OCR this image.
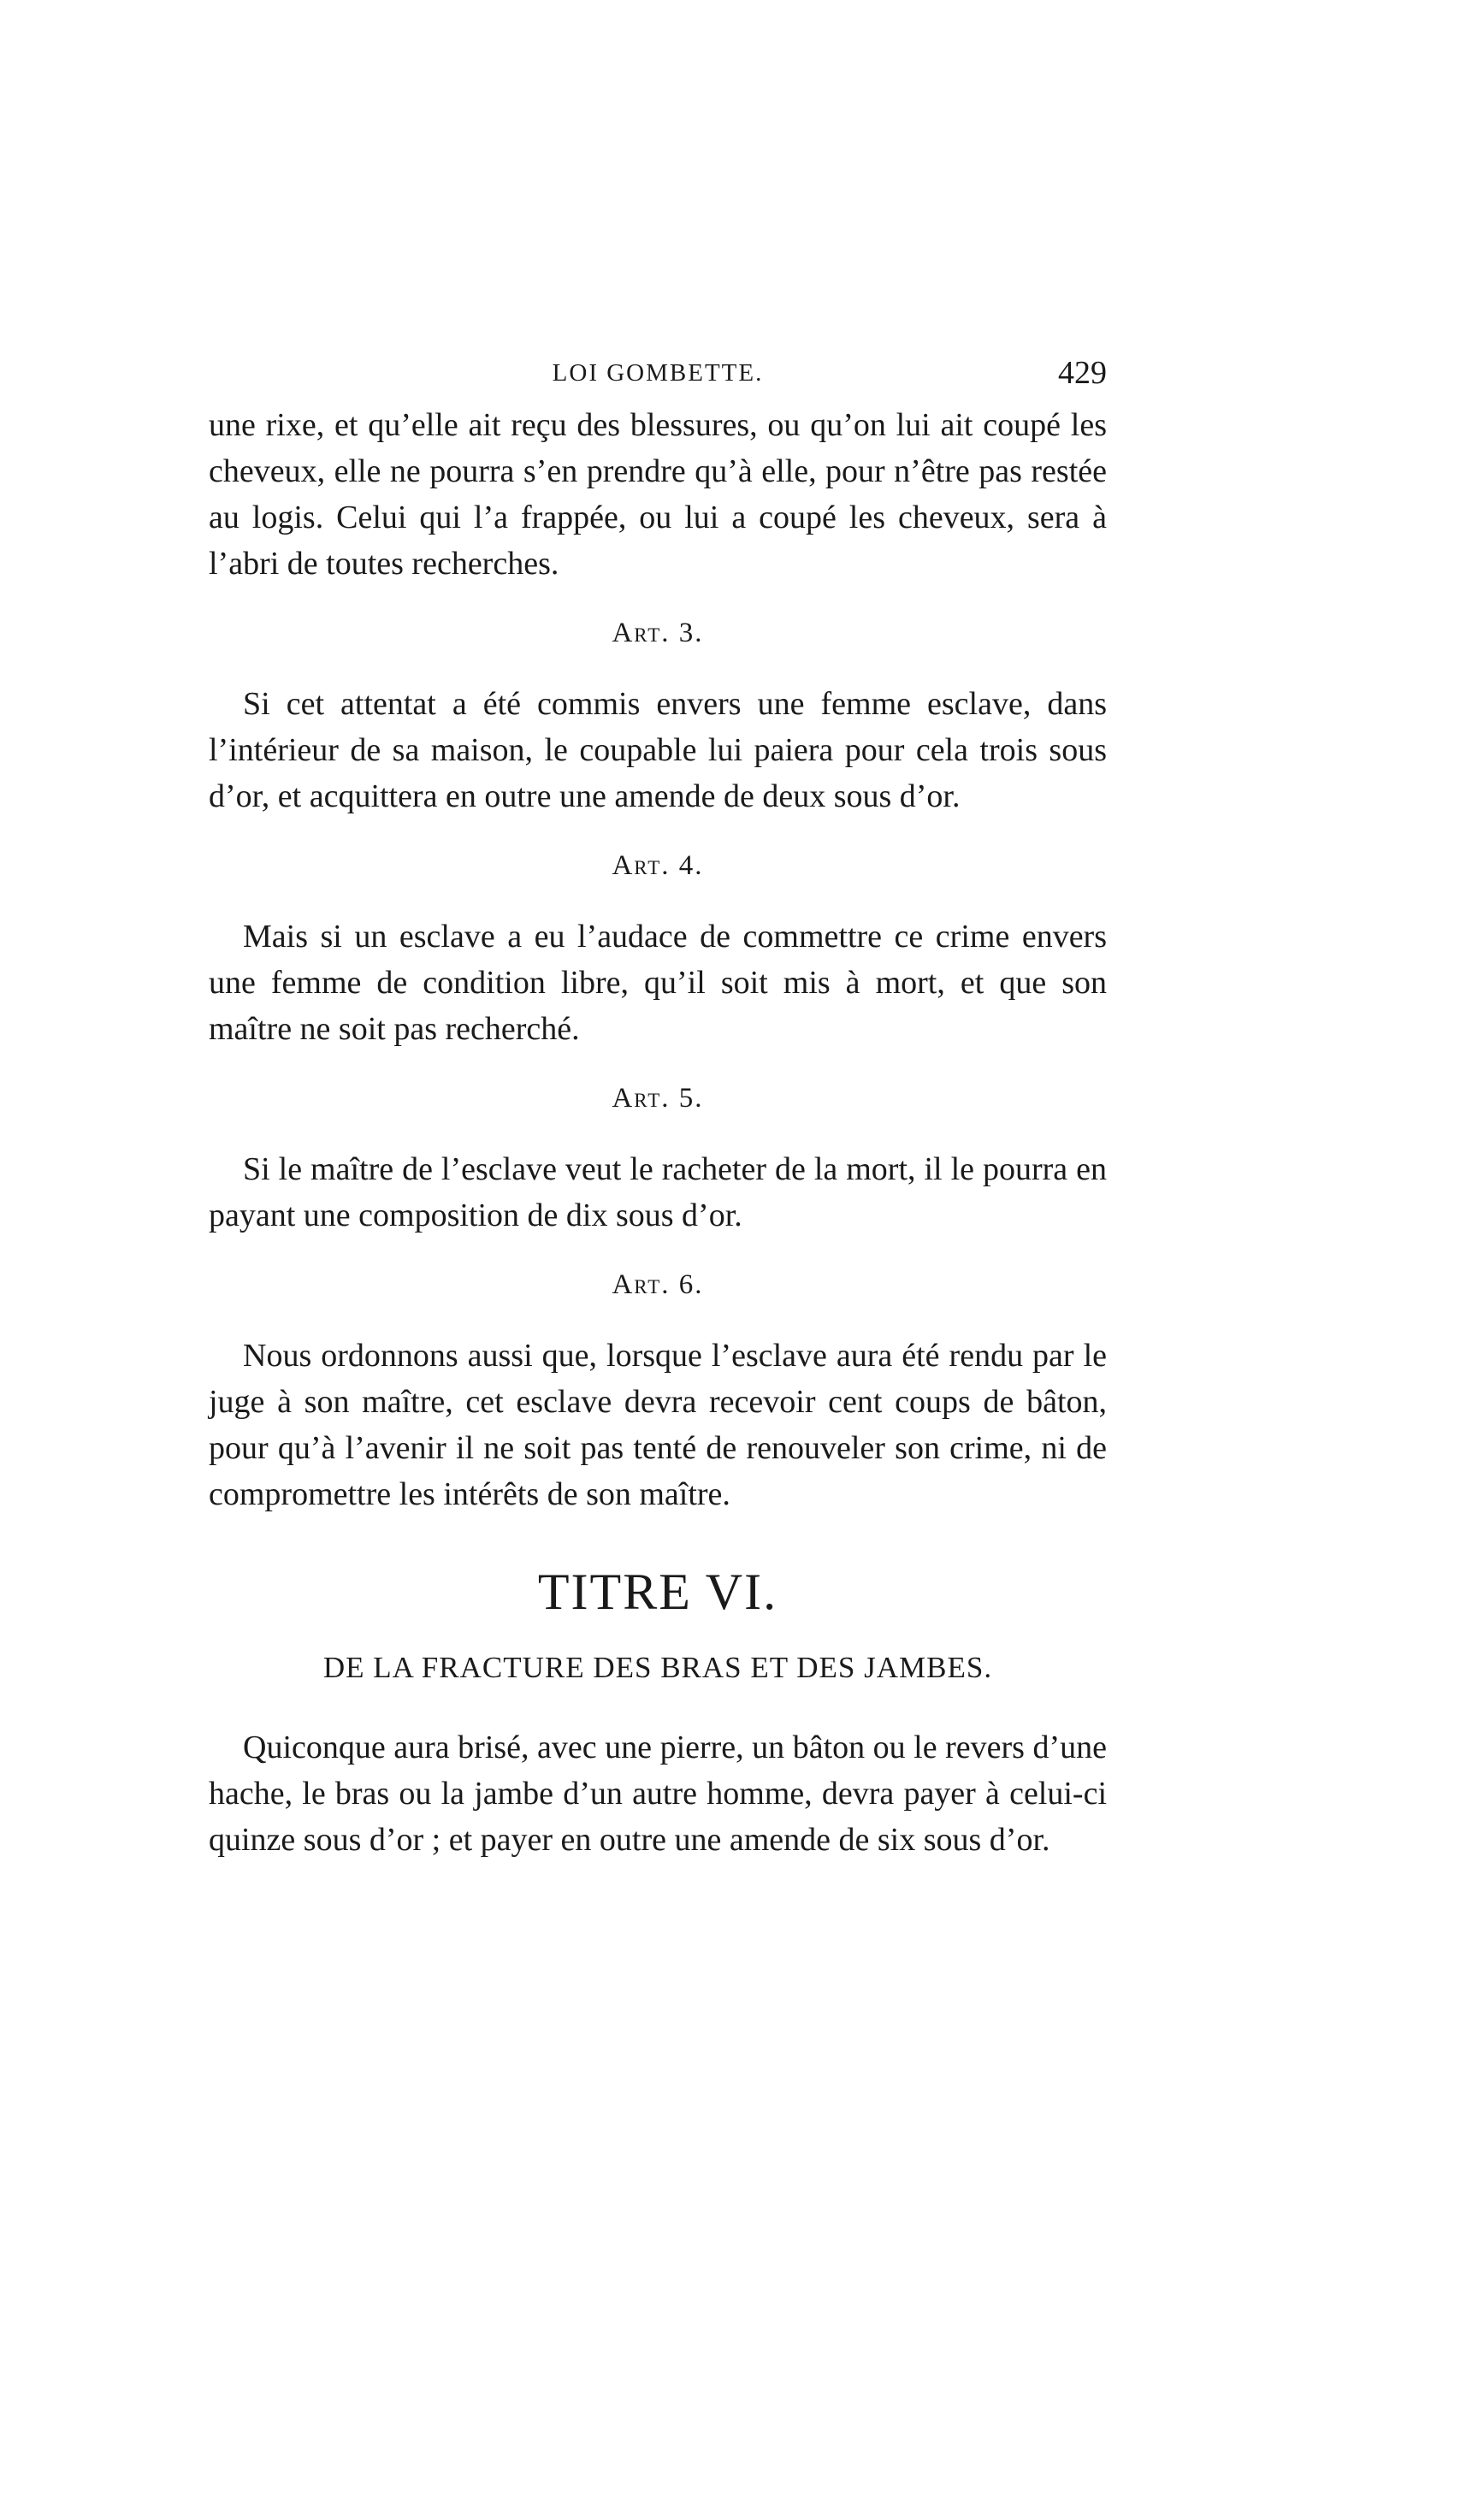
LOI GOMBETTE.	429

une rixe, et qu’elle ait reçu des blessures, ou qu’on lui ait coupé les cheveux, elle ne pourra s’en prendre qu’à elle, pour n’être pas restée au logis. Celui qui l’a frappée, ou lui a coupé les cheveux, sera à l’abri de toutes recherches.

Art. 3.

Si cet attentat a été commis envers une femme esclave, dans l’intérieur de sa maison, le coupable lui paiera pour cela trois sous d’or, et acquittera en outre une amende de deux sous d’or.

Art. 4.

Mais si un esclave a eu l’audace de commettre ce crime envers une femme de condition libre, qu’il soit mis à mort, et que son maître ne soit pas recherché.

Art. 5.

Si le maître de l’esclave veut le racheter de la mort, il le pourra en payant une composition de dix sous d’or.

Art. 6.

Nous ordonnons aussi que, lorsque l’esclave aura été rendu par le juge à son maître, cet esclave devra recevoir cent coups de bâton, pour qu’à l’avenir il ne soit pas tenté de renouveler son crime, ni de compromettre les intérêts de son maître.

TITRE VI.
DE LA FRACTURE DES BRAS ET DES JAMBES.

Quiconque aura brisé, avec une pierre, un bâton ou le revers d’une hache, le bras ou la jambe d’un autre homme, devra payer à celui-ci quinze sous d’or ; et payer en outre une amende de six sous d’or.
